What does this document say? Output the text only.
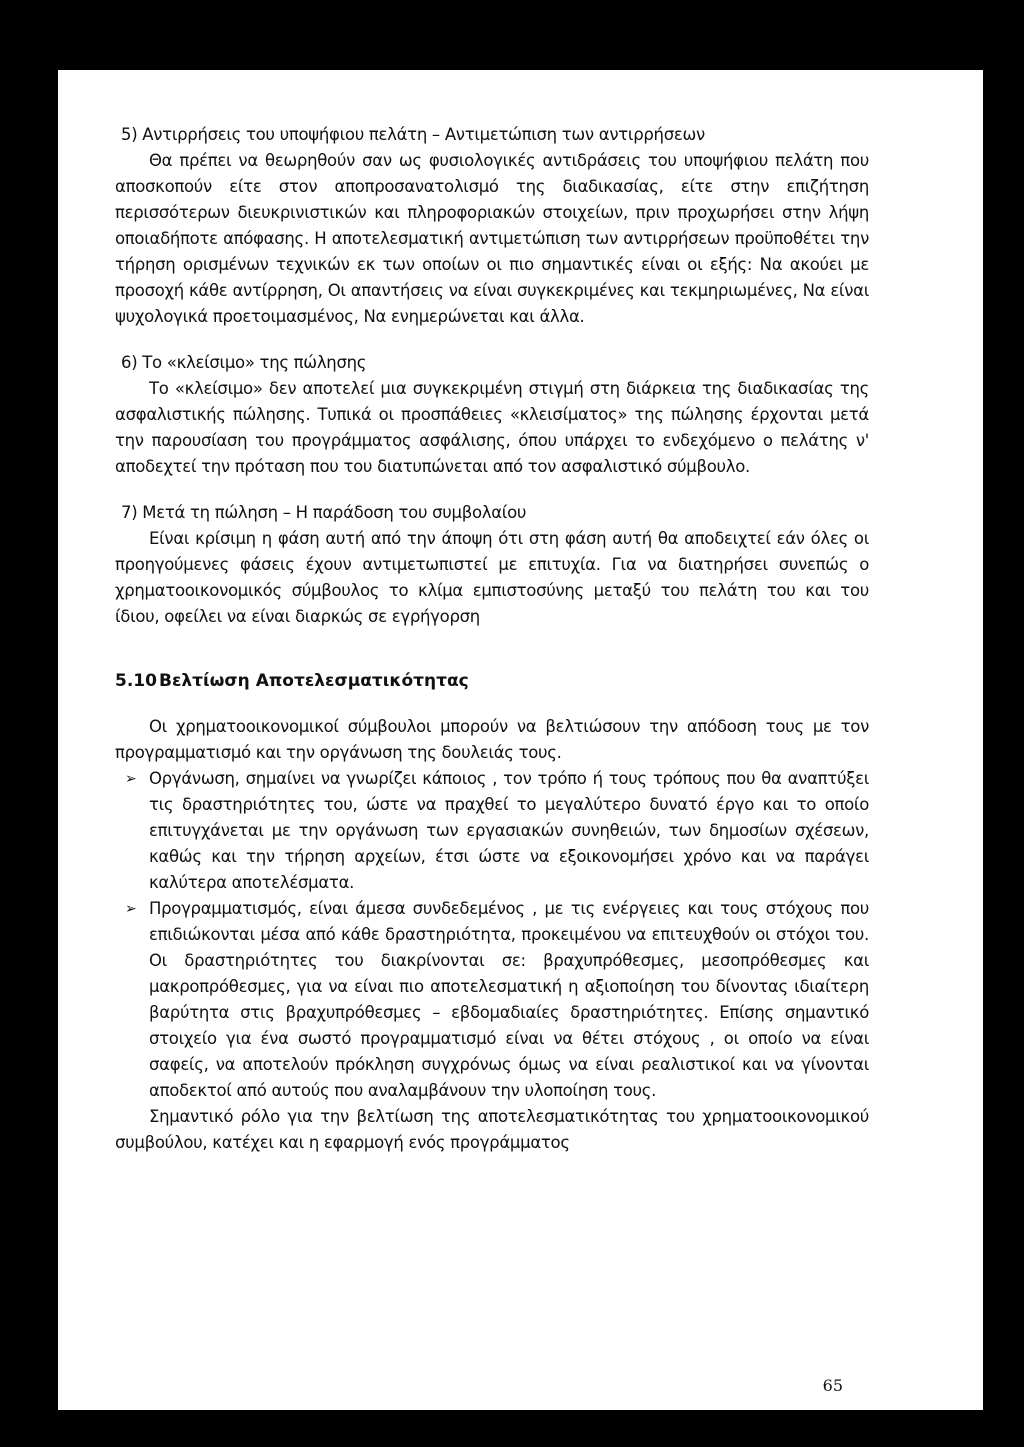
5) Αντιρρήσεις του υποψήφιου πελάτη – Αντιμετώπιση των αντιρρήσεων

Θα πρέπει να θεωρηθούν σαν ως φυσιολογικές αντιδράσεις του υποψήφιου πελάτη που αποσκοπούν είτε στον αποπροσανατολισμό της διαδικασίας, είτε στην επιζήτηση περισσότερων διευκρινιστικών και πληροφοριακών στοιχείων, πριν προχωρήσει στην λήψη οποιαδήποτε απόφασης. Η αποτελεσματική αντιμετώπιση των αντιρρήσεων προϋποθέτει την τήρηση ορισμένων τεχνικών εκ των οποίων οι πιο σημαντικές είναι οι εξής: Να ακούει με προσοχή κάθε αντίρρηση, Οι απαντήσεις να είναι συγκεκριμένες και τεκμηριωμένες, Να είναι ψυχολογικά προετοιμασμένος, Να ενημερώνεται και άλλα.

6) Το «κλείσιμο» της πώλησης

Το «κλείσιμο» δεν αποτελεί μια συγκεκριμένη στιγμή στη διάρκεια της διαδικασίας της ασφαλιστικής πώλησης. Τυπικά οι προσπάθειες «κλεισίματος» της πώλησης έρχονται μετά την παρουσίαση του προγράμματος ασφάλισης, όπου υπάρχει το ενδεχόμενο ο πελάτης ν' αποδεχτεί την πρόταση που του διατυπώνεται από τον ασφαλιστικό σύμβουλο.

7) Μετά τη πώληση – Η παράδοση του συμβολαίου

Είναι κρίσιμη η φάση αυτή από την άποψη ότι στη φάση αυτή θα αποδειχτεί εάν όλες οι προηγούμενες φάσεις έχουν αντιμετωπιστεί με επιτυχία. Για να διατηρήσει συνεπώς ο χρηματοοικονομικός σύμβουλος το κλίμα εμπιστοσύνης μεταξύ του πελάτη του και του ίδιου, οφείλει να είναι διαρκώς σε εγρήγορση

5.10 Βελτίωση Αποτελεσματικότητας

Οι χρηματοοικονομικοί σύμβουλοι μπορούν να βελτιώσουν την απόδοση τους με τον προγραμματισμό και την οργάνωση της δουλειάς τους.

➢ Οργάνωση, σημαίνει να γνωρίζει κάποιος , τον τρόπο ή τους τρόπους που θα αναπτύξει τις δραστηριότητες του, ώστε να πραχθεί το μεγαλύτερο δυνατό έργο και το οποίο επιτυγχάνεται με την οργάνωση των εργασιακών συνηθειών, των δημοσίων σχέσεων, καθώς και την τήρηση αρχείων, έτσι ώστε να εξοικονομήσει χρόνο και να παράγει καλύτερα αποτελέσματα.
➢ Προγραμματισμός, είναι άμεσα συνδεδεμένος , με τις ενέργειες και τους στόχους που επιδιώκονται μέσα από κάθε δραστηριότητα, προκειμένου να επιτευχθούν οι στόχοι του. Οι δραστηριότητες του διακρίνονται σε: βραχυπρόθεσμες, μεσοπρόθεσμες και μακροπρόθεσμες, για να είναι πιο αποτελεσματική η αξιοποίηση του δίνοντας ιδιαίτερη βαρύτητα στις βραχυπρόθεσμες – εβδομαδιαίες δραστηριότητες. Επίσης σημαντικό στοιχείο για ένα σωστό προγραμματισμό είναι να θέτει στόχους , οι οποίο να είναι σαφείς, να αποτελούν πρόκληση συγχρόνως όμως να είναι ρεαλιστικοί και να γίνονται αποδεκτοί από αυτούς που αναλαμβάνουν την υλοποίηση τους.

Σημαντικό ρόλο για την βελτίωση της αποτελεσματικότητας του χρηματοοικονομικού συμβούλου, κατέχει και η εφαρμογή ενός προγράμματος

65
